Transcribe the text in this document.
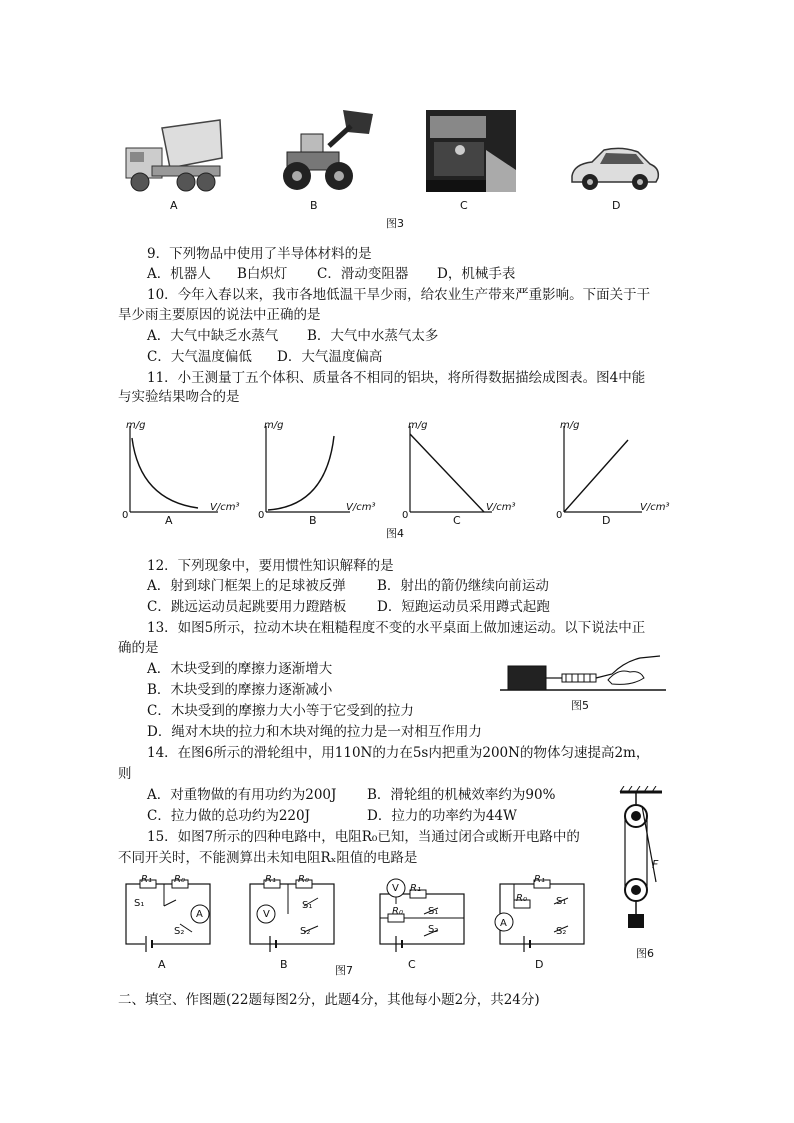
A	B	C	D
图3
9．下列物品中使用了半导体材料的是
A．机器人 B白炽灯 C．滑动变阻器 D，机械手表
10．今年入春以来，我市各地低温干旱少雨，给农业生产带来严重影响。下面关于干
旱少雨主要原因的说法中正确的是
A．大气中缺乏水蒸气 B．大气中水蒸气太多
C．大气温度偏低 D．大气温度偏高
11．小王测量丁五个体积、质量各不相同的铝块，将所得数据描绘成图表。图4中能
与实验结果吻合的是
m/g	m/g	m/g	m/g
V/cm³	V/cm³	V/cm³	V/cm³
0	0	0	0
A	B	C	D
图4
12．下列现象中，要用惯性知识解释的是
A．射到球门框架上的足球被反弹 B．射出的箭仍继续向前运动
C．跳远运动员起跳要用力蹬踏板 D．短跑运动员采用蹲式起跑
13．如图5所示，拉动木块在粗糙程度不变的水平桌面上做加速运动。以下说法中正
确的是
A．木块受到的摩擦力逐渐增大
B．木块受到的摩擦力逐渐减小
C．木块受到的摩擦力大小等于它受到的拉力
D．绳对木块的拉力和木块对绳的拉力是一对相互作用力
图5
14．在图6所示的滑轮组中，用110N的力在5s内把重为200N的物体匀速提高2m，
则
A．对重物做的有用功约为200J B．滑轮组的机械效率约为90%
C．拉力做的总功约为220J	D．拉力的功率约为44W
F
图6
15．如图7所示的四种电路中，电阻R₀已知，当通过闭合或断开电路中的
不同开关时，不能测算出未知电阻Rₓ阻值的电路是
R₁ R₀
S₁
S₂
A
R₁ R₀
V
S₁
S₂
V R₁
R₀	S₁
S₂
R₁
R₀	S₁
S₂
A
A	B	C	D
图7
二、填空、作图题(22题每图2分，此题4分，其他每小题2分，共24分)
